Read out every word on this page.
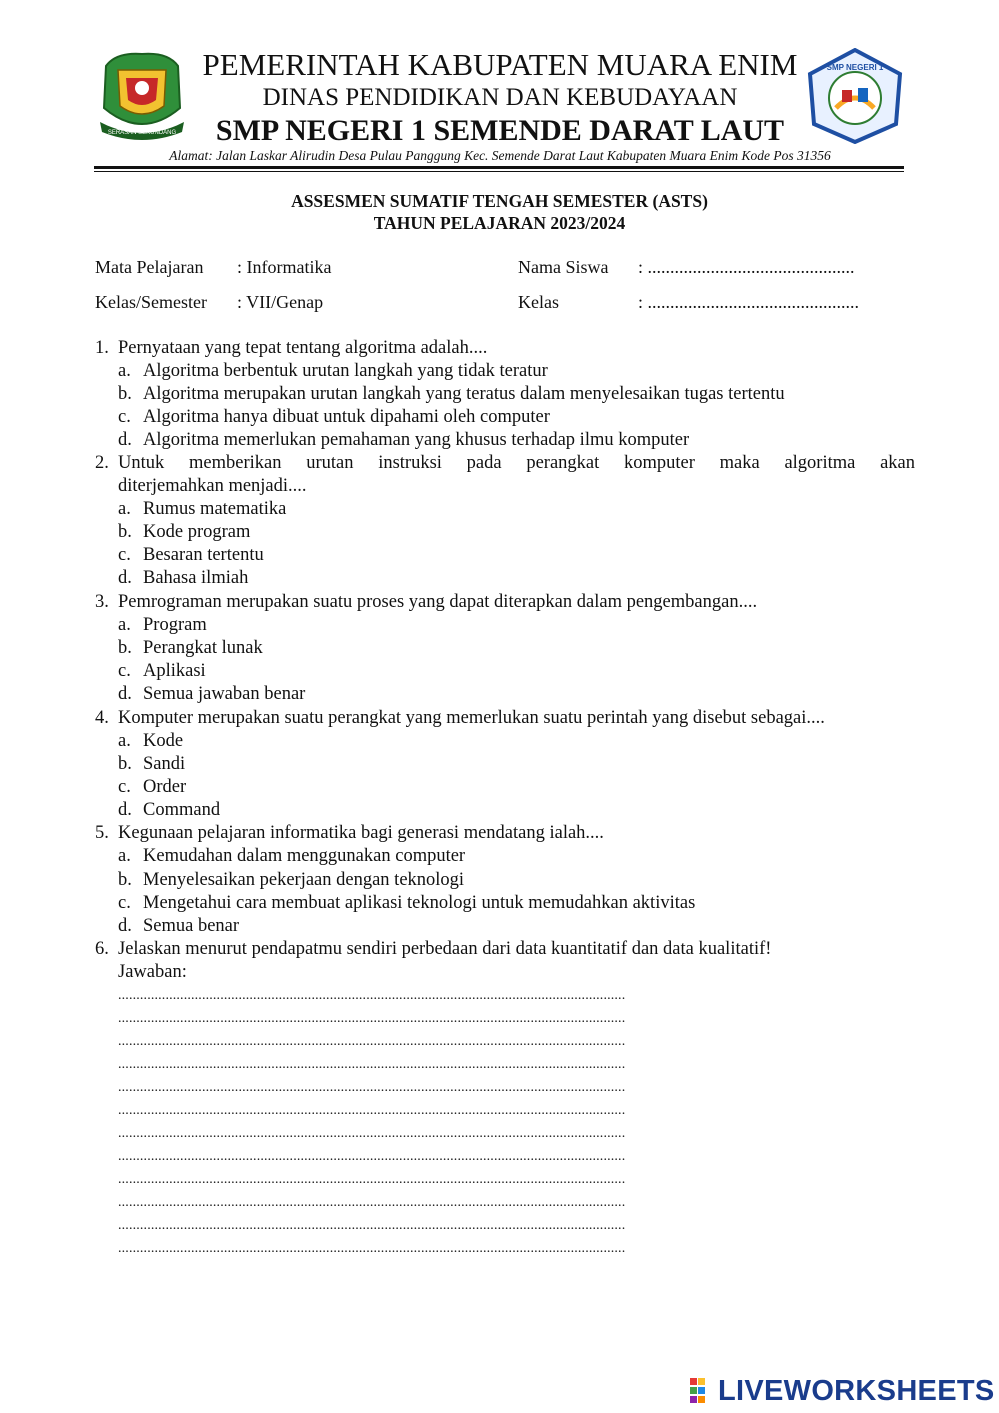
SERASAN SEKUNDANG
SMP NEGERI 1
PEMERINTAH KABUPATEN MUARA ENIM
DINAS PENDIDIKAN DAN KEBUDAYAAN
SMP NEGERI 1 SEMENDE DARAT LAUT
Alamat: Jalan Laskar Alirudin Desa Pulau Panggung Kec. Semende Darat Laut Kabupaten Muara Enim Kode Pos 31356
ASSESMEN SUMATIF TENGAH SEMESTER (ASTS)
TAHUN PELAJARAN 2023/2024
Mata Pelajaran : Informatika
Kelas/Semester : VII/Genap
Nama Siswa : ..............................................
Kelas	: ...............................................
1. Pernyataan yang tepat tentang algoritma adalah....
a. Algoritma berbentuk urutan langkah yang tidak teratur
b. Algoritma merupakan urutan langkah yang teratus dalam menyelesaikan tugas tertentu
c. Algoritma hanya dibuat untuk dipahami oleh computer
d. Algoritma memerlukan pemahaman yang khusus terhadap ilmu komputer
2. Untuk memberikan urutan instruksi pada perangkat komputer maka algoritma akan
diterjemahkan menjadi....
a. Rumus matematika
b. Kode program
c. Besaran tertentu
d. Bahasa ilmiah
3. Pemrograman merupakan suatu proses yang dapat diterapkan dalam pengembangan....
a. Program
b. Perangkat lunak
c. Aplikasi
d. Semua jawaban benar
4. Komputer merupakan suatu perangkat yang memerlukan suatu perintah yang disebut sebagai....
a. Kode
b. Sandi
c. Order
d. Command
5. Kegunaan pelajaran informatika bagi generasi mendatang ialah....
a. Kemudahan dalam menggunakan computer
b. Menyelesaikan pekerjaan dengan teknologi
c. Mengetahui cara membuat aplikasi teknologi untuk memudahkan aktivitas
d. Semua benar
6. Jelaskan menurut pendapatmu sendiri perbedaan dari data kuantitatif dan data kualitatif!
Jawaban:
...........................................................................................................................................
...........................................................................................................................................
...........................................................................................................................................
...........................................................................................................................................
...........................................................................................................................................
...........................................................................................................................................
...........................................................................................................................................
...........................................................................................................................................
...........................................................................................................................................
...........................................................................................................................................
...........................................................................................................................................
...........................................................................................................................................
LIVEWORKSHEETS
